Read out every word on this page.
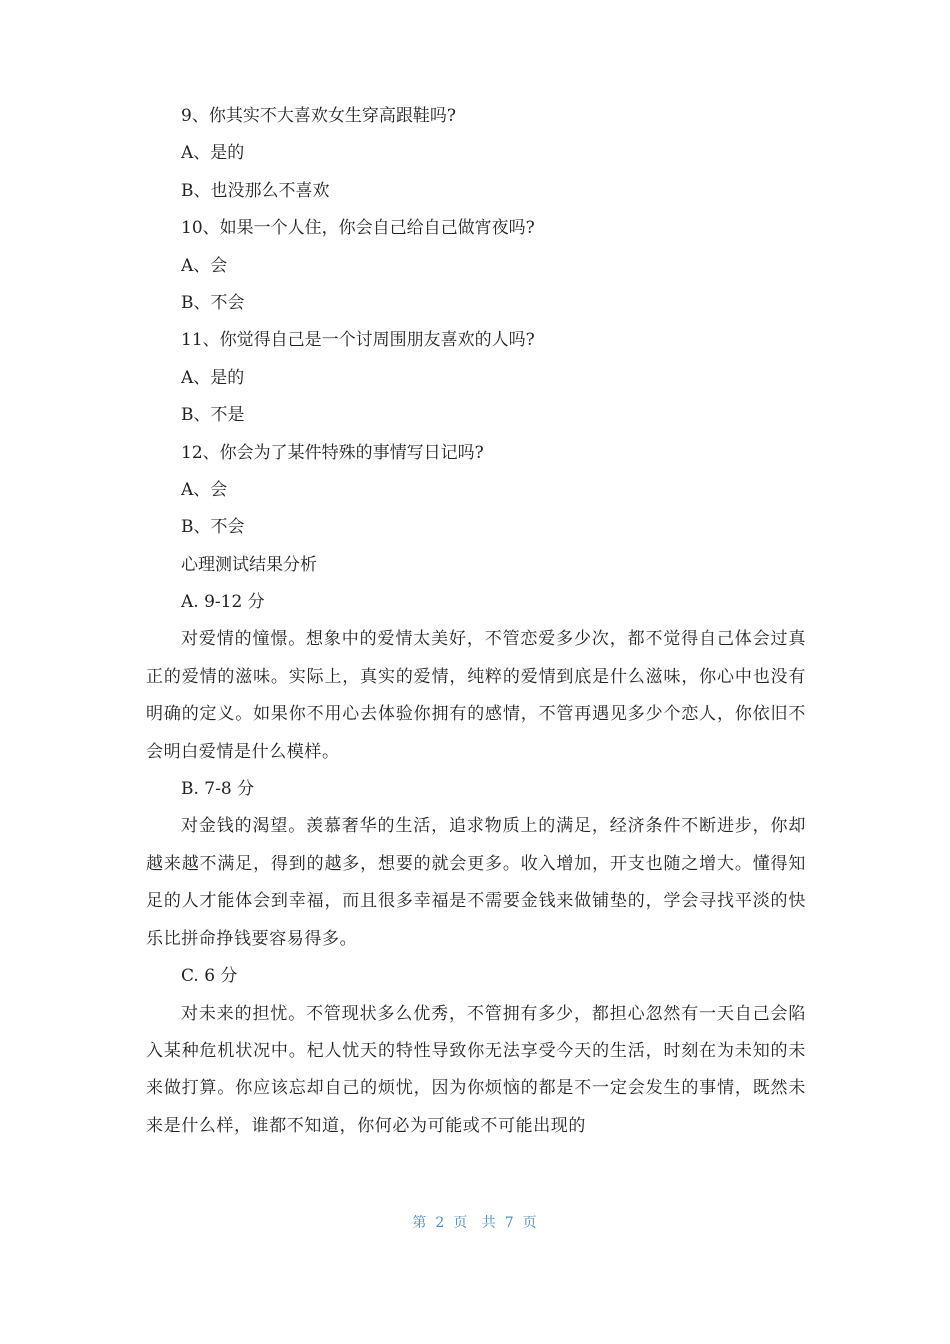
9、你其实不大喜欢女生穿高跟鞋吗?
A、是的
B、也没那么不喜欢
10、如果一个人住，你会自己给自己做宵夜吗?
A、会
B、不会
11、你觉得自己是一个讨周围朋友喜欢的人吗?
A、是的
B、不是
12、你会为了某件特殊的事情写日记吗?
A、会
B、不会
心理测试结果分析
A. 9-12 分
对爱情的憧憬。想象中的爱情太美好，不管恋爱多少次，都不觉得自己体会过真正的爱情的滋味。实际上，真实的爱情，纯粹的爱情到底是什么滋味，你心中也没有明确的定义。如果你不用心去体验你拥有的感情，不管再遇见多少个恋人，你依旧不会明白爱情是什么模样。
B. 7-8 分
对金钱的渴望。羡慕奢华的生活，追求物质上的满足，经济条件不断进步，你却越来越不满足，得到的越多，想要的就会更多。收入增加，开支也随之增大。懂得知足的人才能体会到幸福，而且很多幸福是不需要金钱来做铺垫的，学会寻找平淡的快乐比拼命挣钱要容易得多。
C. 6 分
对未来的担忧。不管现状多么优秀，不管拥有多少，都担心忽然有一天自己会陷入某种危机状况中。杞人忧天的特性导致你无法享受今天的生活，时刻在为未知的未来做打算。你应该忘却自己的烦忧，因为你烦恼的都是不一定会发生的事情，既然未来是什么样，谁都不知道，你何必为可能或不可能出现的
第 2 页 共 7 页
